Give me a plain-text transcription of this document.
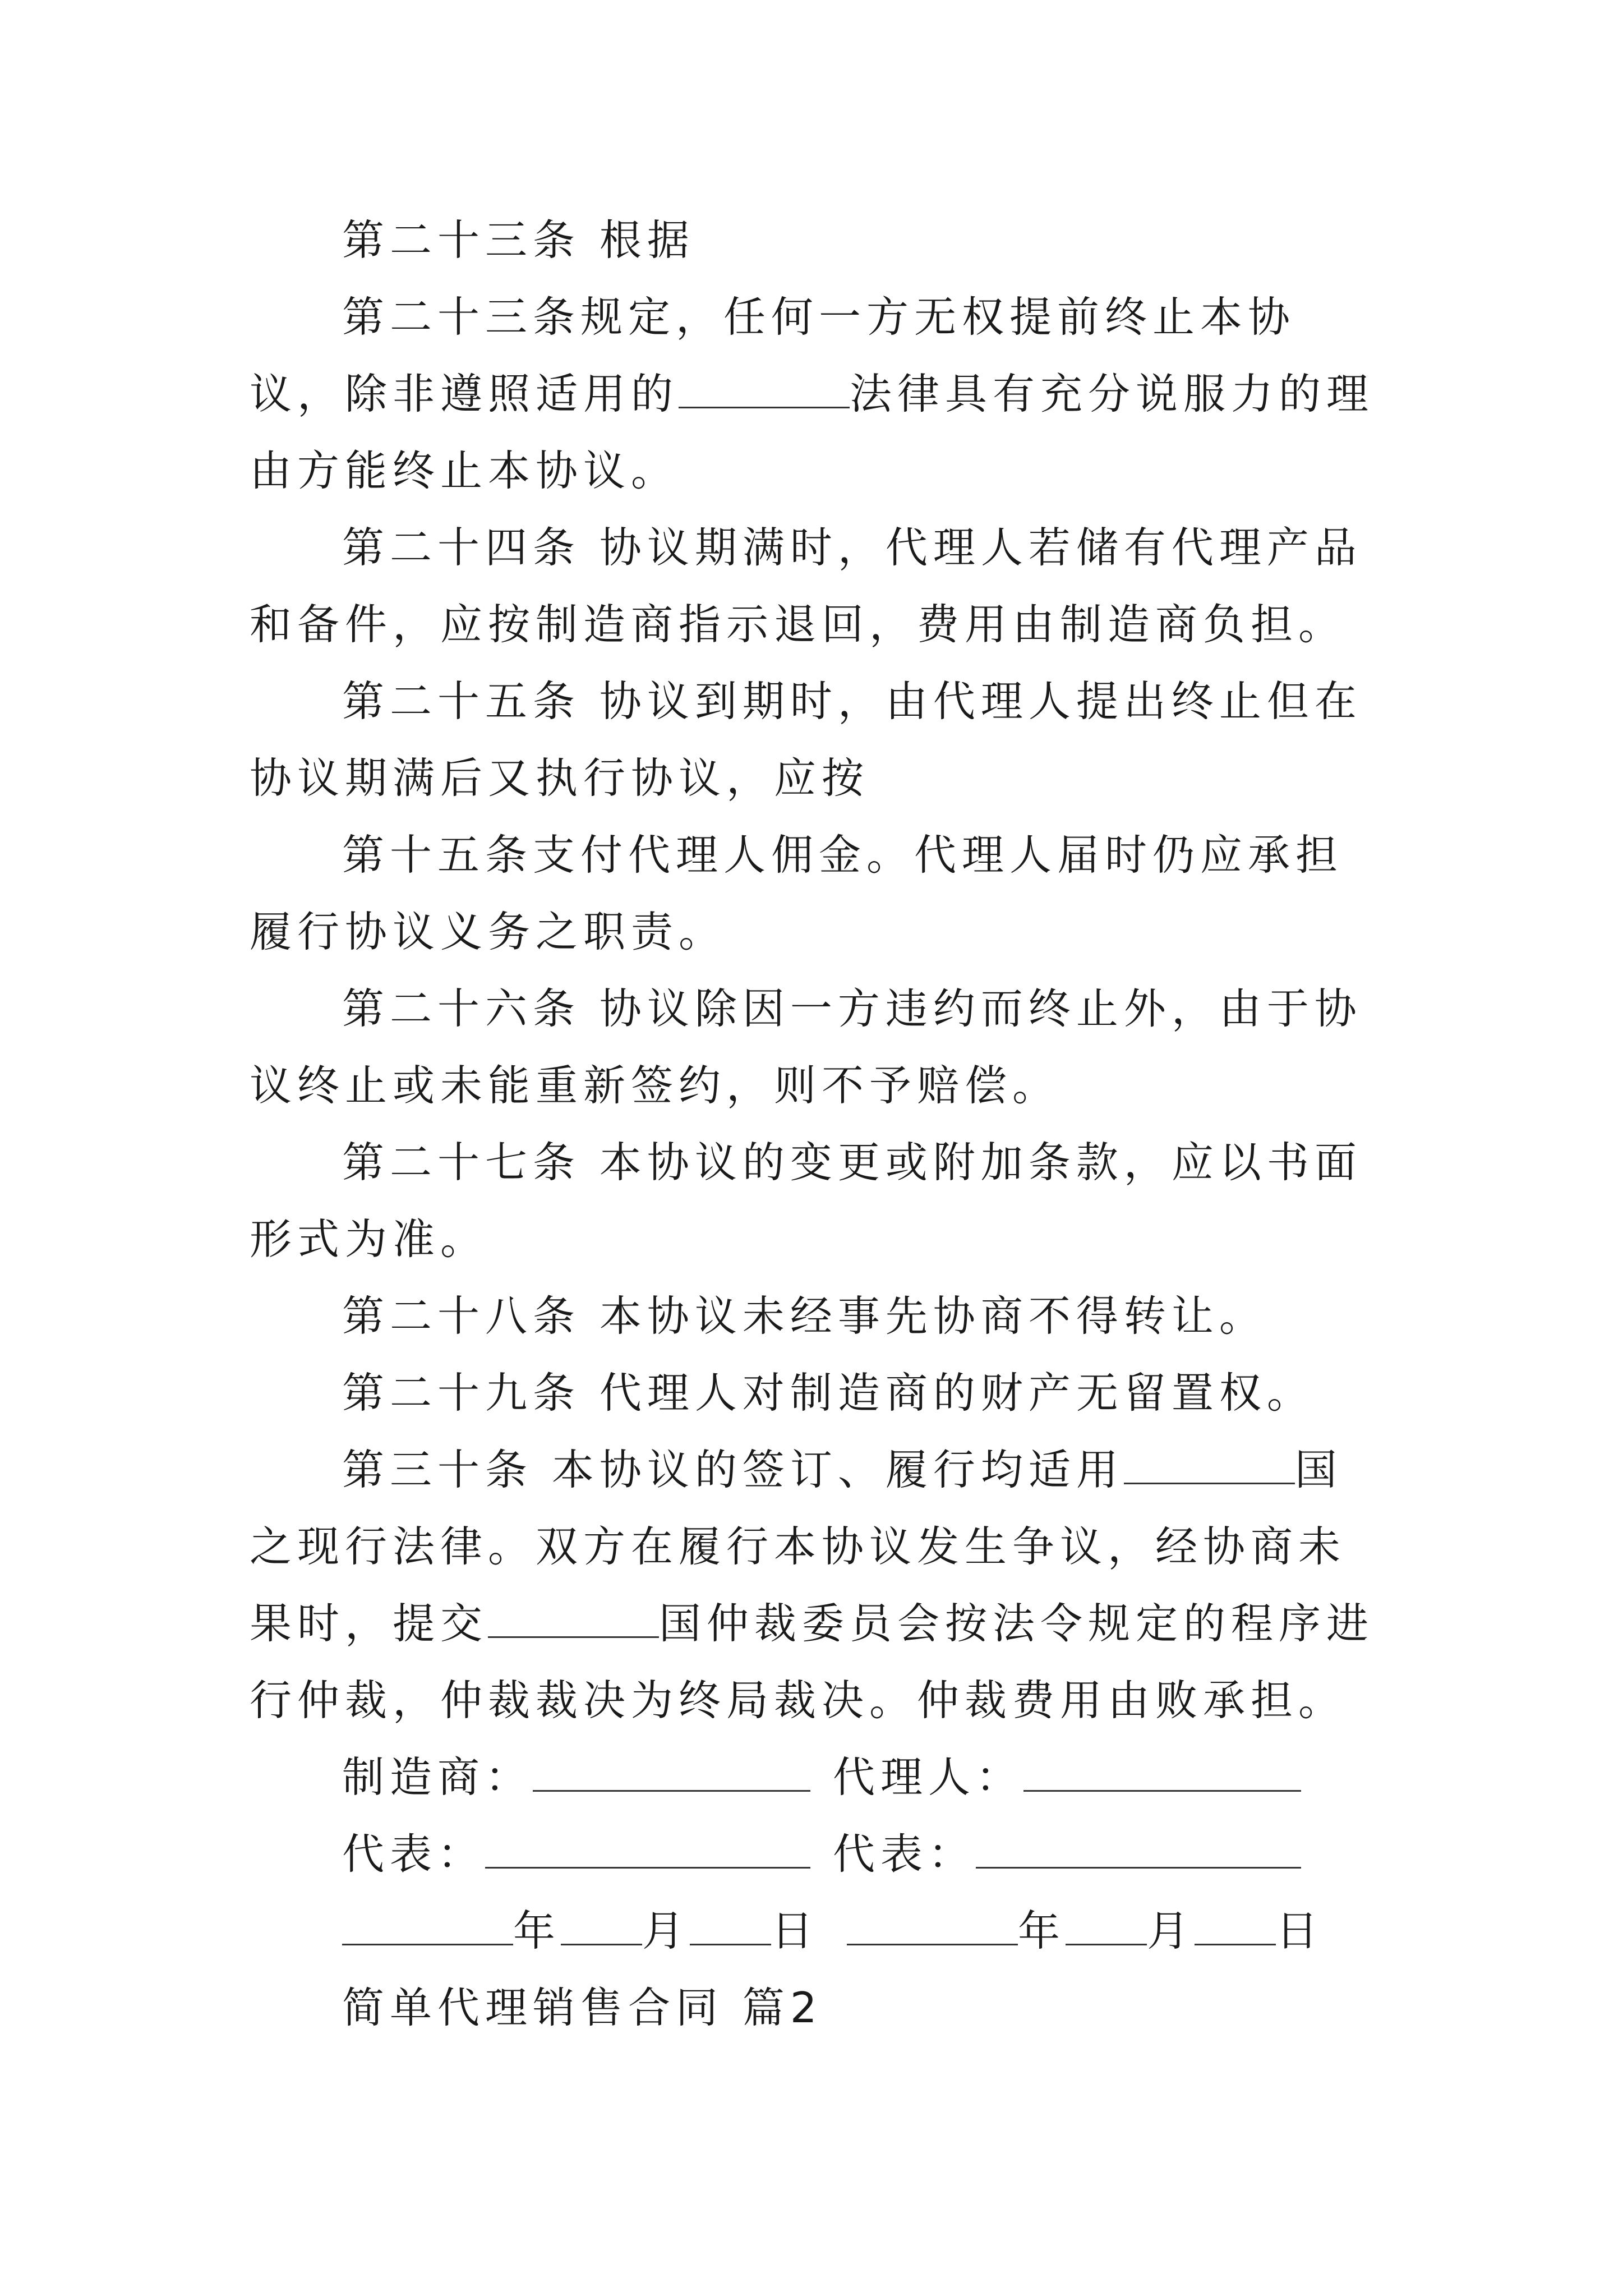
第二十三条 根据

第二十三条规定，任何一方无权提前终止本协议，除非遵照适用的	法律具有充分说服力的理由方能终止本协议。

第二十四条 协议期满时，代理人若储有代理产品和备件，应按制造商指示退回，费用由制造商负担。

第二十五条 协议到期时，由代理人提出终止但在协议期满后又执行协议，应按

第十五条支付代理人佣金。代理人届时仍应承担履行协议义务之职责。

第二十六条 协议除因一方违约而终止外，由于协议终止或未能重新签约，则不予赔偿。

第二十七条 本协议的变更或附加条款，应以书面形式为准。

第二十八条 本协议未经事先协商不得转让。

第二十九条 代理人对制造商的财产无留置权。

第三十条 本协议的签订、履行均适用	国之现行法律。双方在履行本协议发生争议，经协商未果时，提交	国仲裁委员会按法令规定的程序进行仲裁，仲裁裁决为终局裁决。仲裁费用由败承担。

制造商：	代理人：
代表：	代表：
年 月 日	年 月 日

简单代理销售合同 篇2
